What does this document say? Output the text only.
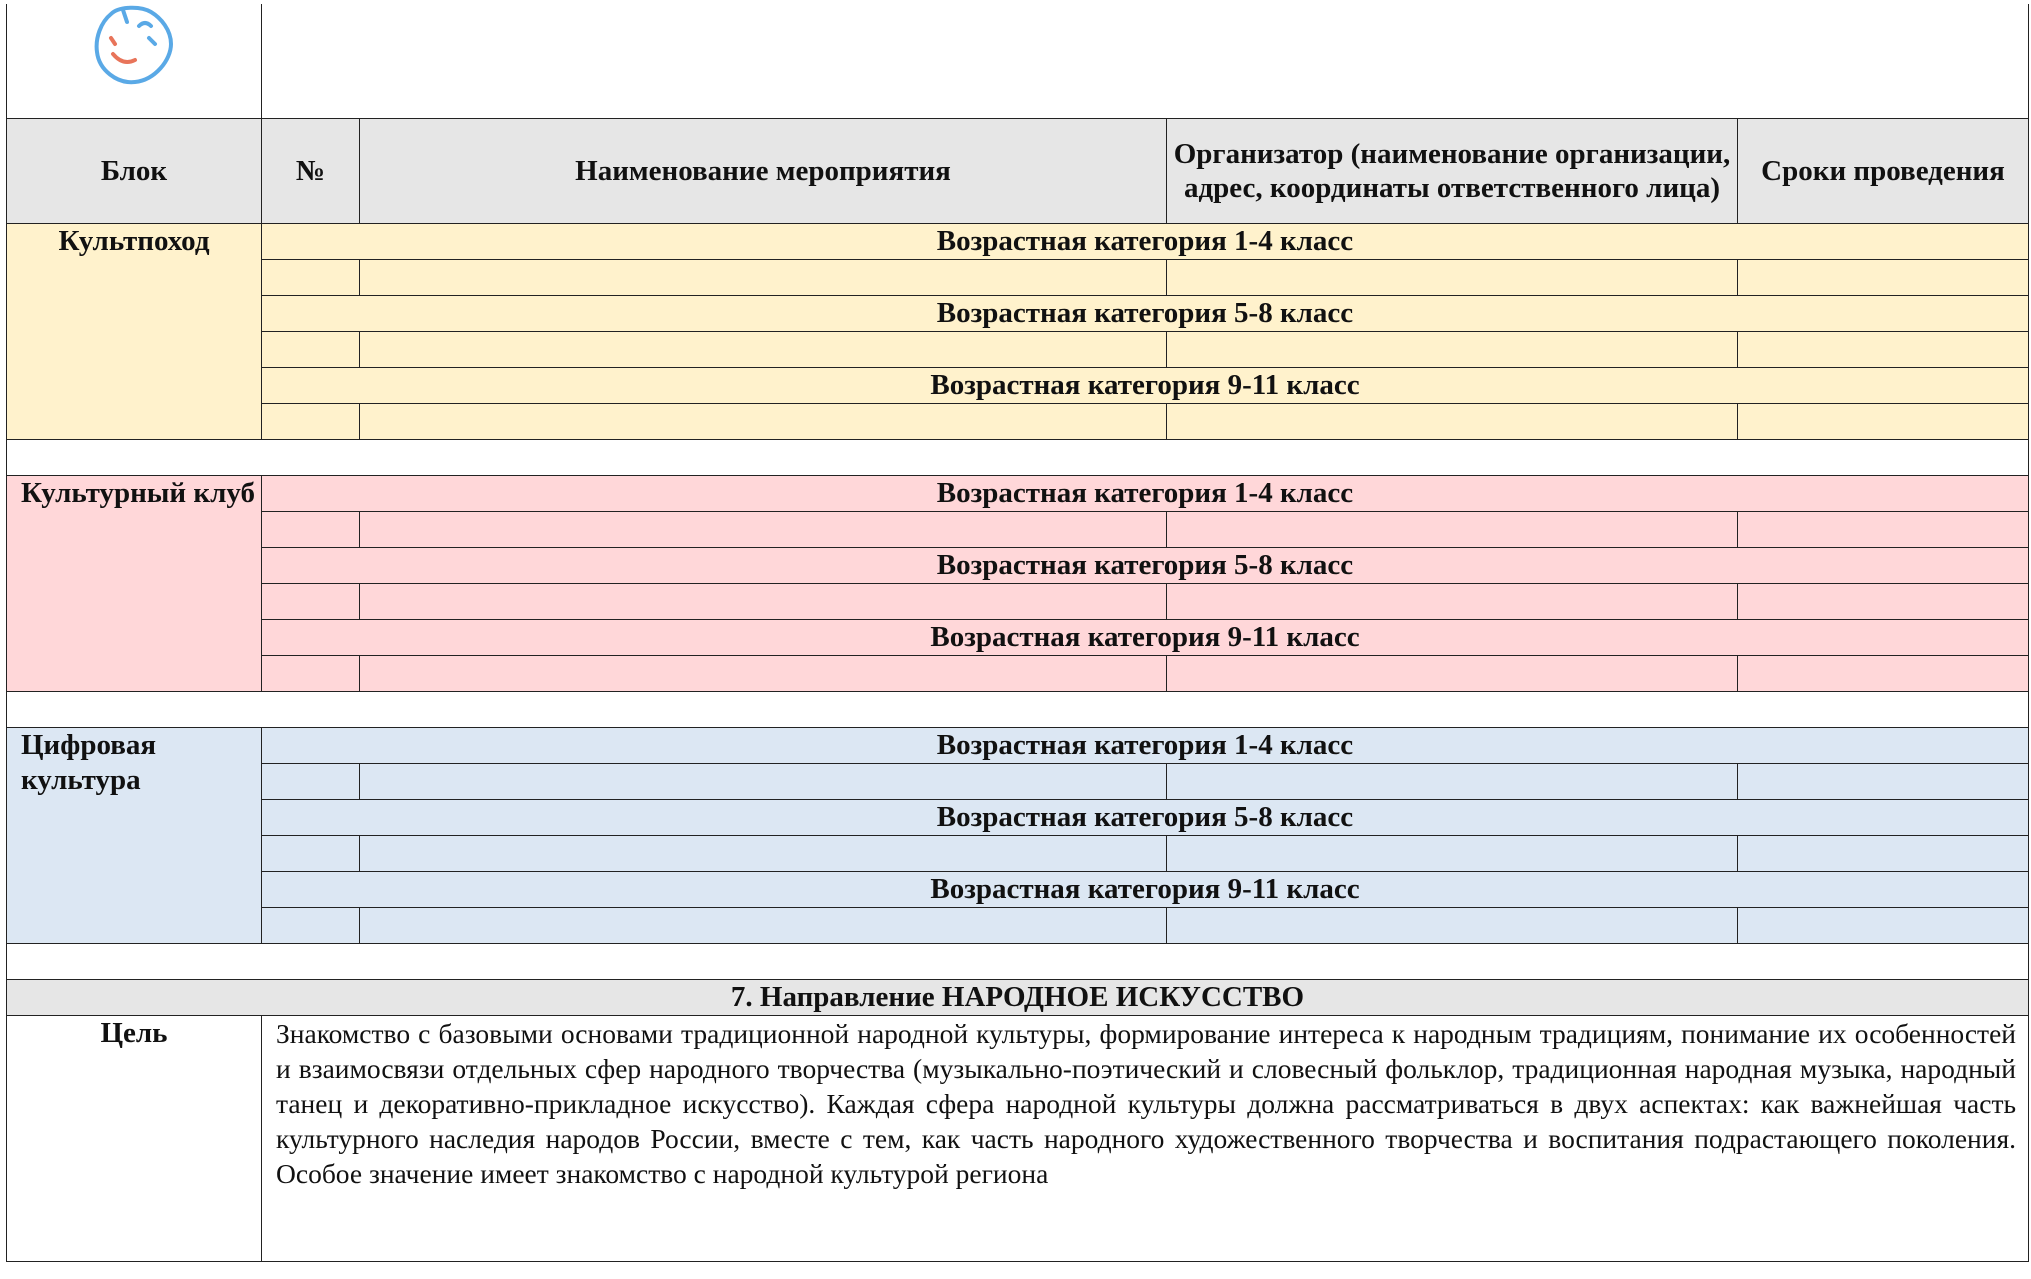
Блок	№	Наименование мероприятия	Организатор (наименование организации, адрес, координаты ответственного лица)	Сроки проведения
Культпоход	Возрастная категория 1-4 класс			

	Возрастная категория 5-8 класс			

	Возрастная категория 9-11 класс			

Культурный клуб	Возрастная категория 1-4 класс			

	Возрастная категория 5-8 класс			

	Возрастная категория 9-11 класс			

Цифровая культура	Возрастная категория 1-4 класс			

	Возрастная категория 5-8 класс			

	Возрастная категория 9-11 класс			

7. Направление НАРОДНОЕ ИСКУССТВО				
Цель	Знакомство с базовыми основами традиционной народной культуры, формирование интереса к народным традициям, понимание их особенностей и взаимосвязи отдельных сфер народного творчества (музыкально-поэтический и словесный фольклор, традиционная народная музыка, народный танец и декоративно-прикладное искусство). Каждая сфера народной культуры должна рассматриваться в двух аспектах: как важнейшая часть культурного наследия народов России, вместе с тем, как часть народного художественного творчества и воспитания подрастающего поколения. Особое значение имеет знакомство с народной культурой региона			
